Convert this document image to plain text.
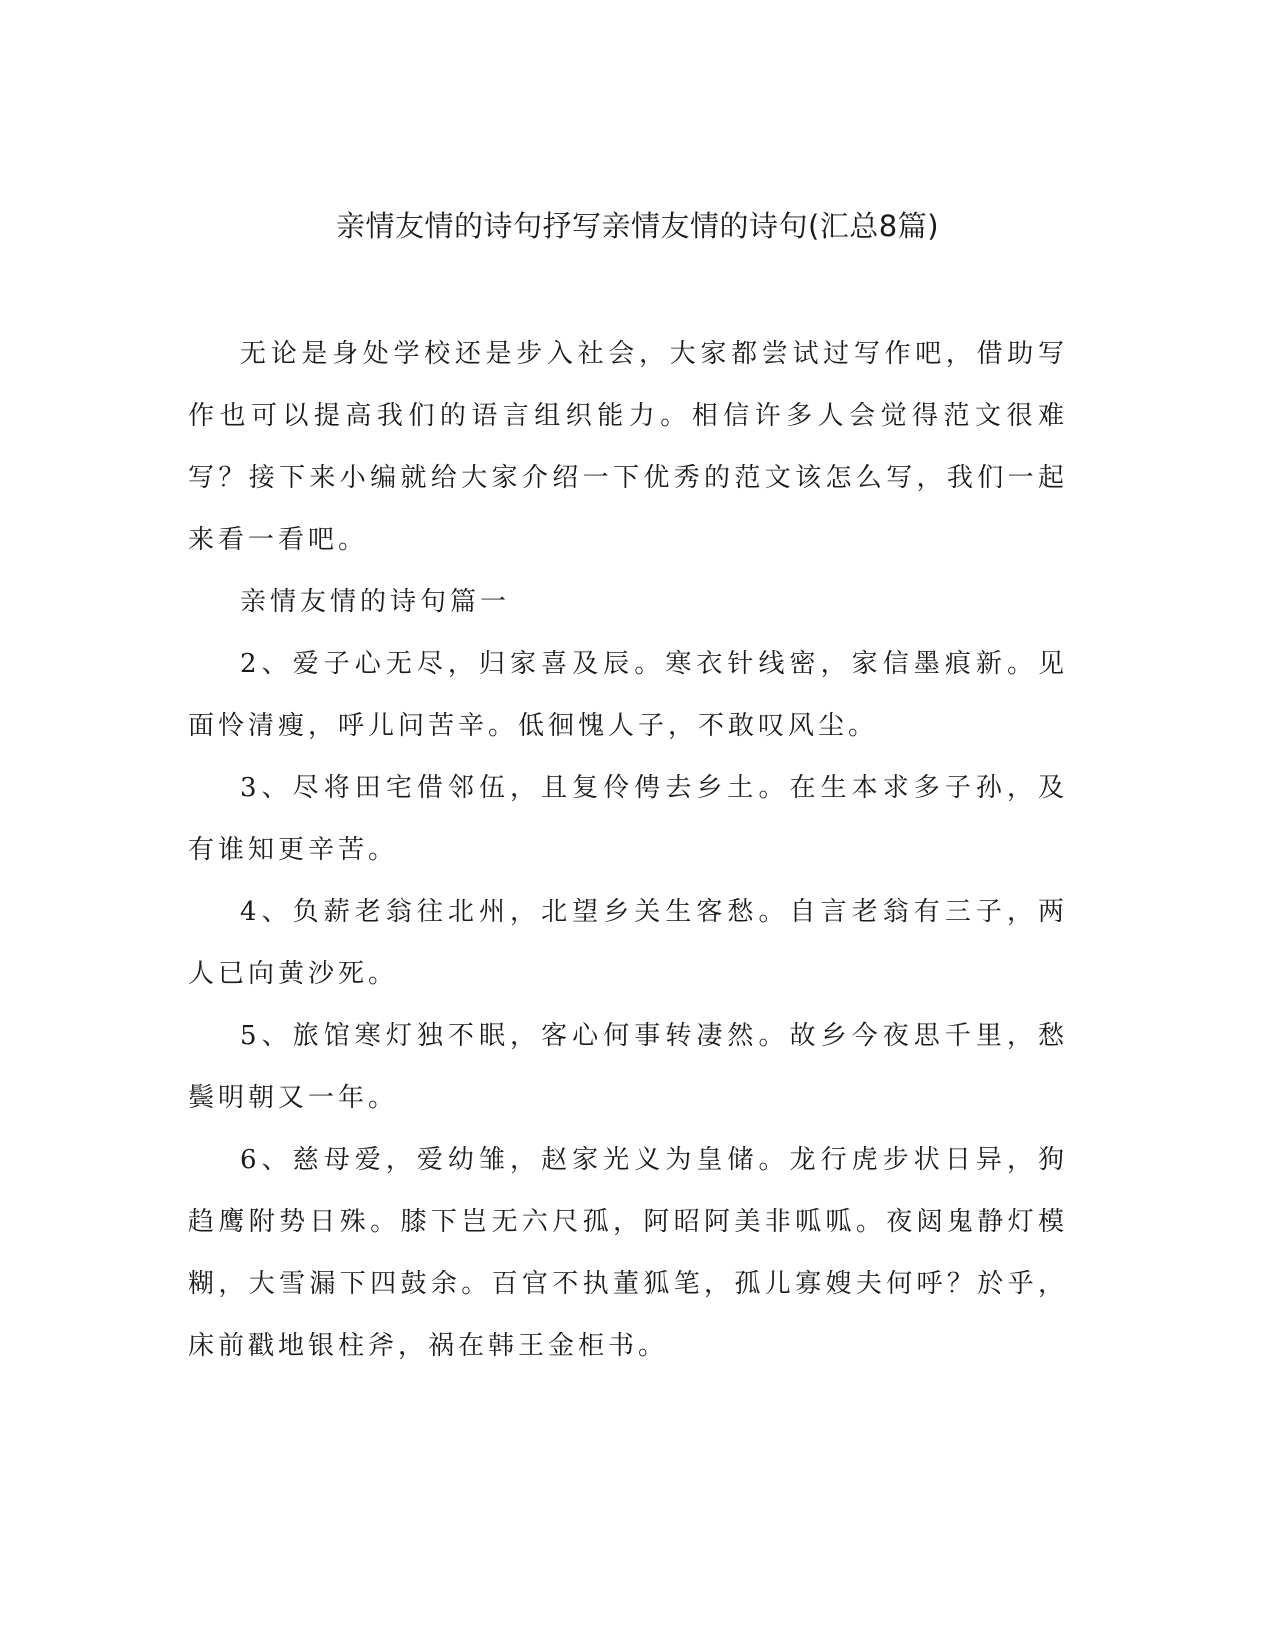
亲情友情的诗句抒写亲情友情的诗句(汇总8篇)

无论是身处学校还是步入社会，大家都尝试过写作吧，借助写作也可以提高我们的语言组织能力。相信许多人会觉得范文很难写？接下来小编就给大家介绍一下优秀的范文该怎么写，我们一起来看一看吧。

亲情友情的诗句篇一

2、爱子心无尽，归家喜及辰。寒衣针线密，家信墨痕新。见面怜清瘦，呼儿问苦辛。低徊愧人子，不敢叹风尘。

3、尽将田宅借邻伍，且复伶俜去乡土。在生本求多子孙，及有谁知更辛苦。

4、负薪老翁往北州，北望乡关生客愁。自言老翁有三子，两人已向黄沙死。

5、旅馆寒灯独不眠，客心何事转凄然。故乡今夜思千里，愁鬓明朝又一年。

6、慈母爱，爱幼雏，赵家光义为皇储。龙行虎步状日异，狗趋鹰附势日殊。膝下岂无六尺孤，阿昭阿美非呱呱。夜闼鬼静灯模糊，大雪漏下四鼓余。百官不执董狐笔，孤儿寡嫂夫何呼？於乎，床前戳地银柱斧，祸在韩王金柜书。
